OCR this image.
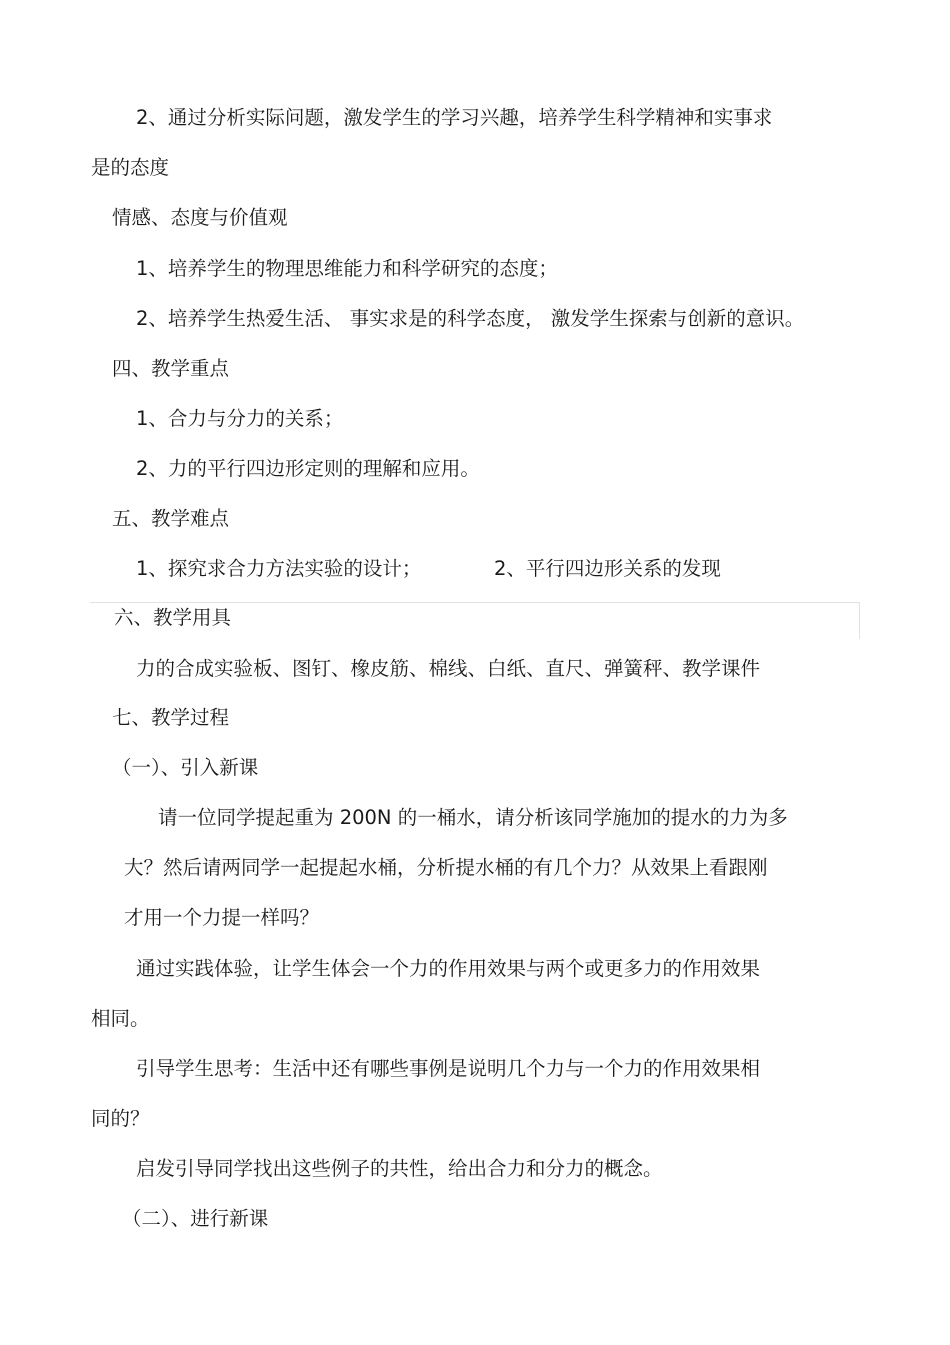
2、通过分析实际问题，激发学生的学习兴趣，培养学生科学精神和实事求
是的态度
情感、态度与价值观
1、培养学生的物理思维能力和科学研究的态度；
2、培养学生热爱生活、 事实求是的科学态度， 激发学生探索与创新的意识。
四、教学重点
1、合力与分力的关系；
2、力的平行四边形定则的理解和应用。
五、教学难点
1、探究求合力方法实验的设计；	2、平行四边形关系的发现
六、教学用具
力的合成实验板、图钉、橡皮筋、棉线、白纸、直尺、弹簧秤、教学课件
七、教学过程
（一）、引入新课
请一位同学提起重为 200N 的一桶水，请分析该同学施加的提水的力为多
大？然后请两同学一起提起水桶，分析提水桶的有几个力？从效果上看跟刚
才用一个力提一样吗？
通过实践体验，让学生体会一个力的作用效果与两个或更多力的作用效果
相同。
引导学生思考：生活中还有哪些事例是说明几个力与一个力的作用效果相
同的？
启发引导同学找出这些例子的共性，给出合力和分力的概念。
（二）、进行新课
